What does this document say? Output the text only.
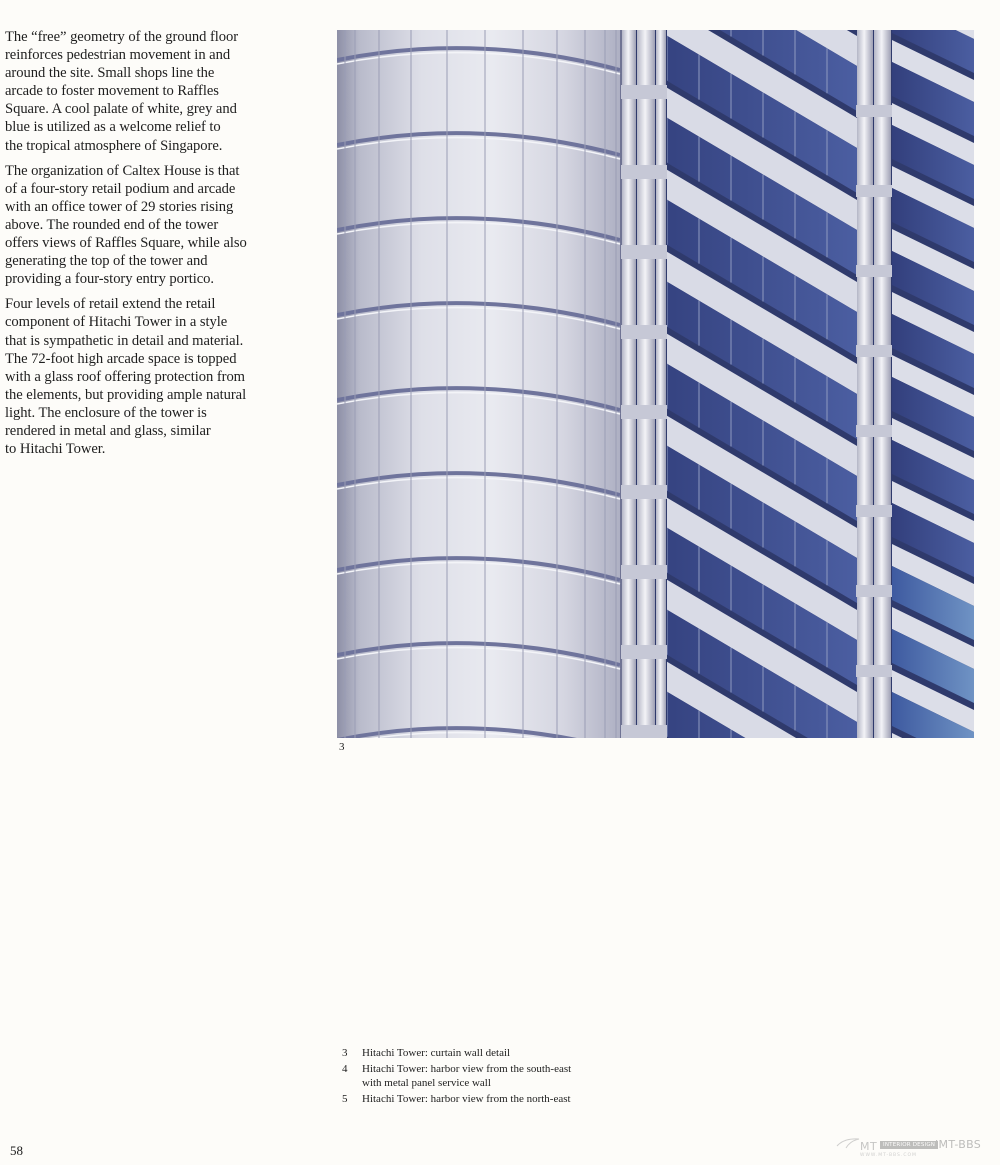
The “free” geometry of the ground floor
reinforces pedestrian movement in and
around the site. Small shops line the
arcade to foster movement to Raffles
Square. A cool palate of white, grey and
blue is utilized as a welcome relief to
the tropical atmosphere of Singapore.

The organization of Caltex House is that
of a four-story retail podium and arcade
with an office tower of 29 stories rising
above. The rounded end of the tower
offers views of Raffles Square, while also
generating the top of the tower and
providing a four-story entry portico.

Four levels of retail extend the retail
component of Hitachi Tower in a style
that is sympathetic in detail and material.
The 72-foot high arcade space is topped
with a glass roof offering protection from
the elements, but providing ample natural
light. The enclosure of the tower is
rendered in metal and glass, similar
to Hitachi Tower.

3
3	Hitachi Tower: curtain wall detail
4	Hitachi Tower: harbor view from the south-east
with metal panel service wall
5	Hitachi Tower: harbor view from the north-east
58	MT	INTERIOR DESIGN IMT-BBS
WWW.MT-BBS.COM
